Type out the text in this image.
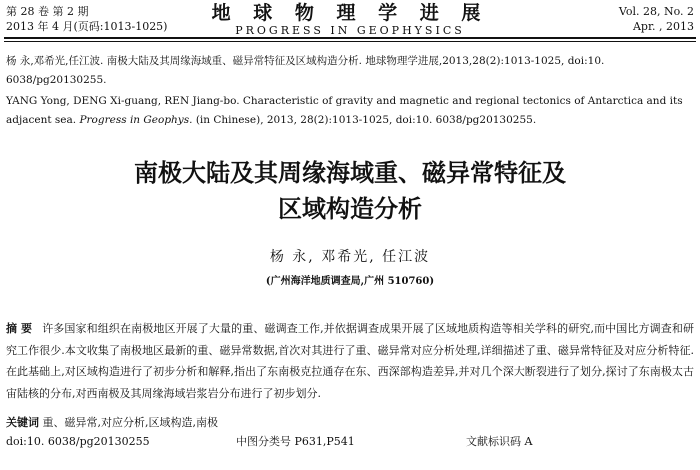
第 28 卷 第 2 期
2013 年 4 月(页码:1013-1025)
地 球 物 理 学 进 展
PROGRESS IN GEOPHYSICS
Vol. 28, No. 2
Apr. , 2013
杨 永,邓希光,任江波. 南极大陆及其周缘海域重、磁异常特征及区域构造分析. 地球物理学进展,2013,28(2):1013-1025, doi:10. 6038/pg20130255.
YANG Yong, DENG Xi-guang, REN Jiang-bo. Characteristic of gravity and magnetic and regional tectonics of Antarctica and its adjacent sea. Progress in Geophys. (in Chinese), 2013, 28(2):1013-1025, doi:10. 6038/pg20130255.
南极大陆及其周缘海域重、磁异常特征及
区域构造分析
杨 永, 邓希光, 任江波
(广州海洋地质调查局,广州 510760)
摘 要 许多国家和组织在南极地区开展了大量的重、磁调查工作,并依据调查成果开展了区域地质构造等相关学科的研究,而中国比方调查和研究工作很少.本文收集了南极地区最新的重、磁异常数据,首次对其进行了重、磁异常对应分析处理,详细描述了重、磁异常特征及对应分析特征.在此基础上,对区域构造进行了初步分析和解释,指出了东南极克拉通存在东、西深部构造差异,并对几个深大断裂进行了划分,探讨了东南极太古宙陆核的分布,对西南极及其周缘海域岩浆岩分布进行了初步划分.
关键词 重、磁异常,对应分析,区域构造,南极
doi:10. 6038/pg20130255	中图分类号 P631,P541	文献标识码 A
